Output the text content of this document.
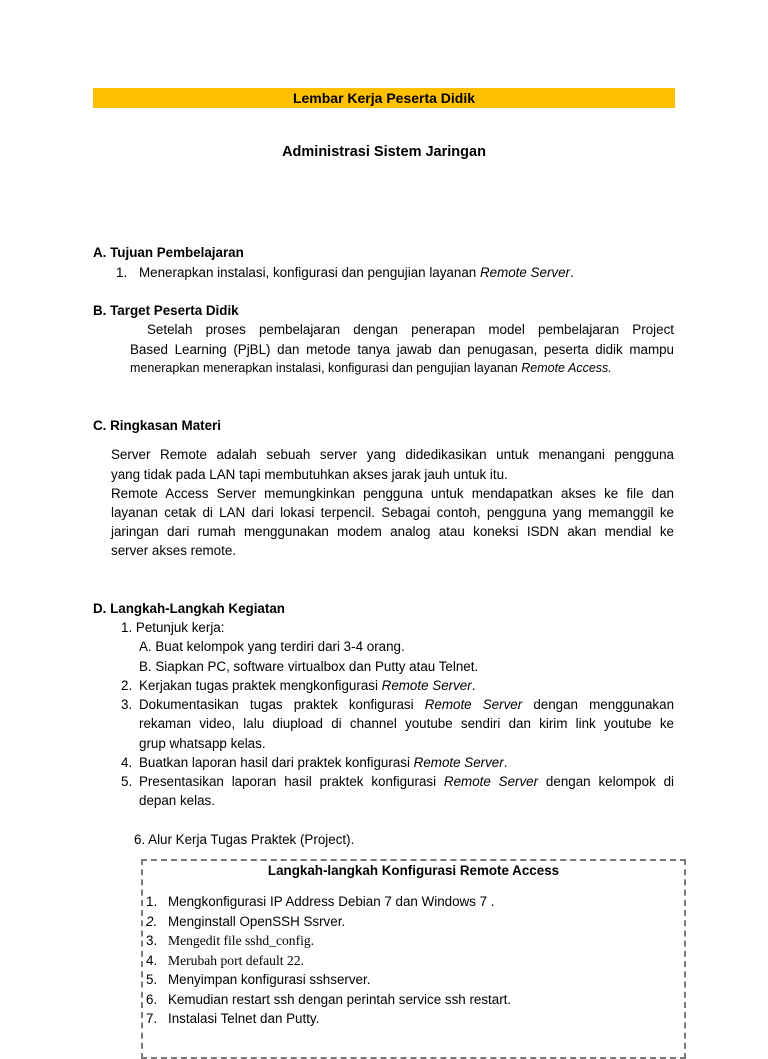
Lembar Kerja Peserta Didik
Administrasi Sistem Jaringan
A. Tujuan Pembelajaran
1. Menerapkan instalasi, konfigurasi dan pengujian layanan Remote Server.
B. Target Peserta Didik
Setelah proses pembelajaran dengan penerapan model pembelajaran Project
Based Learning (PjBL) dan metode tanya jawab dan penugasan, peserta didik mampu
menerapkan menerapkan instalasi, konfigurasi dan pengujian layanan Remote Access.
C. Ringkasan Materi
Server Remote adalah sebuah server yang didedikasikan untuk menangani pengguna
yang tidak pada LAN tapi membutuhkan akses jarak jauh untuk itu.
Remote Access Server memungkinkan pengguna untuk mendapatkan akses ke file dan
layanan cetak di LAN dari lokasi terpencil. Sebagai contoh, pengguna yang memanggil ke
jaringan dari rumah menggunakan modem analog atau koneksi ISDN akan mendial ke
server akses remote.
D. Langkah-Langkah Kegiatan
1. Petunjuk kerja:
A. Buat kelompok yang terdiri dari 3-4 orang.
B. Siapkan PC, software virtualbox dan Putty atau Telnet.
2. Kerjakan tugas praktek mengkonfigurasi Remote Server.
3. Dokumentasikan tugas praktek konfigurasi Remote Server dengan menggunakan
rekaman video, lalu diupload di channel youtube sendiri dan kirim link youtube ke
grup whatsapp kelas.
4. Buatkan laporan hasil dari praktek konfigurasi Remote Server.
5. Presentasikan laporan hasil praktek konfigurasi Remote Server dengan kelompok di
depan kelas.
6. Alur Kerja Tugas Praktek (Project).
Langkah-langkah Konfigurasi Remote Access
1. Mengkonfigurasi IP Address Debian 7 dan Windows 7 .
2. Menginstall OpenSSH Ssrver.
3. Mengedit file sshd_config.
4. Merubah port default 22.
5. Menyimpan konfigurasi sshserver.
6. Kemudian restart ssh dengan perintah service ssh restart.
7. Instalasi Telnet dan Putty.
